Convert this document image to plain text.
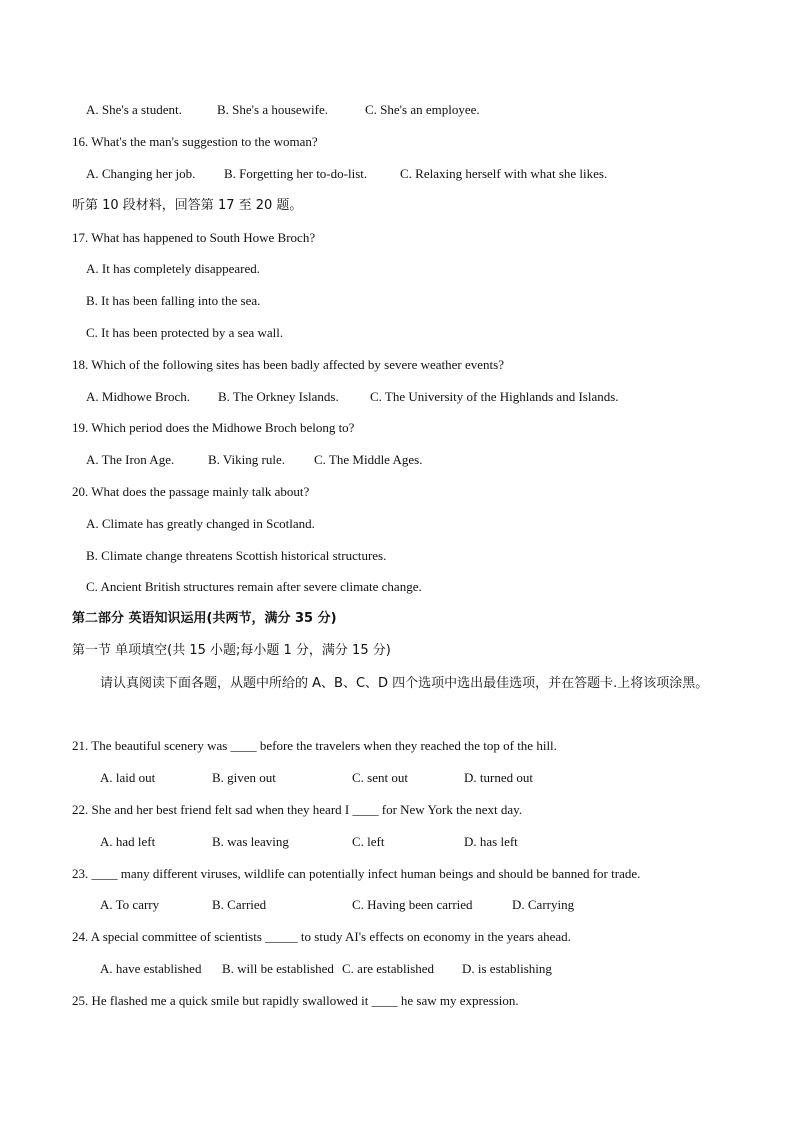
A. She's a student.	B. She's a housewife.	C. She's an employee.
16. What's the man's suggestion to the woman?
A. Changing her job. B. Forgetting her to-do-list.	C. Relaxing herself with what she likes.
听第 10 段材料，回答第 17 至 20 题。
17. What has happened to South Howe Broch?
A. It has completely disappeared.
B. It has been falling into the sea.
C. It has been protected by a sea wall.
18. Which of the following sites has been badly affected by severe weather events?
A. Midhowe Broch. B. The Orkney Islands. C. The University of the Highlands and Islands.
19. Which period does the Midhowe Broch belong to?
A. The Iron Age.	B. Viking rule. C. The Middle Ages.
20. What does the passage mainly talk about?
A. Climate has greatly changed in Scotland.
B. Climate change threatens Scottish historical structures.
C. Ancient British structures remain after severe climate change.
第二部分 英语知识运用(共两节，满分 35 分)
第一节 单项填空(共 15 小题;每小题 1 分，满分 15 分)
请认真阅读下面各题，从题中所给的 A、B、C、D 四个选项中选出最佳选项，并在答题卡.上将该项涂黑。
21. The beautiful scenery was ____ before the travelers when they reached the top of the hill.
A. laid out	B. given out	C. sent out	D. turned out
22. She and her best friend felt sad when they heard I ____ for New York the next day.
A. had left	B. was leaving	C. left	D. has left
23. ____ many different viruses, wildlife can potentially infect human beings and should be banned for trade.
A. To carry	B. Carried	C. Having been carried	D. Carrying
24. A special committee of scientists _____ to study AI's effects on economy in the years ahead.
A. have established B. will be established C. are established D. is establishing
25. He flashed me a quick smile but rapidly swallowed it ____ he saw my expression.
